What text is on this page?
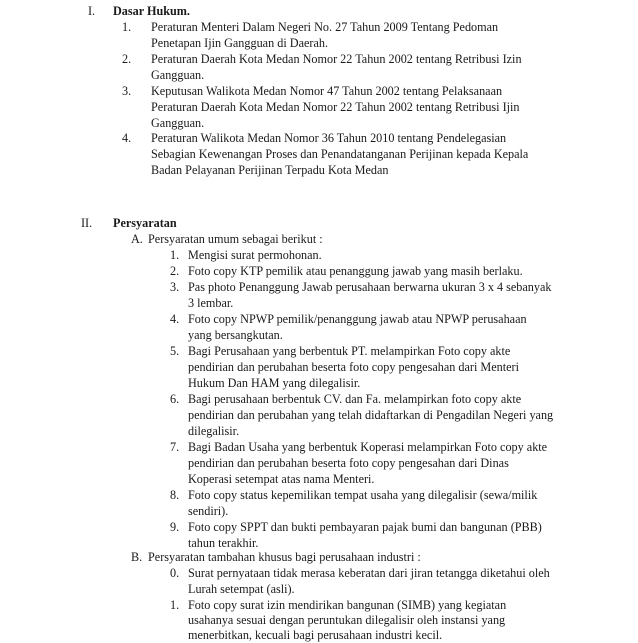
I. Dasar Hukum.
1. Peraturan Menteri Dalam Negeri No. 27 Tahun 2009 Tentang Pedoman
Penetapan Ijin Gangguan di Daerah.
2. Peraturan Daerah Kota Medan Nomor 22 Tahun 2002 tentang Retribusi Izin
Gangguan.
3. Keputusan Walikota Medan Nomor 47 Tahun 2002 tentang Pelaksanaan
Peraturan Daerah Kota Medan Nomor 22 Tahun 2002 tentang Retribusi Ijin
Gangguan.
4. Peraturan Walikota Medan Nomor 36 Tahun 2010 tentang Pendelegasian
Sebagian Kewenangan Proses dan Penandatanganan Perijinan kepada Kepala
Badan Pelayanan Perijinan Terpadu Kota Medan
II. Persyaratan
A. Persyaratan umum sebagai berikut :
1. Mengisi surat permohonan.
2. Foto copy KTP pemilik atau penanggung jawab yang masih berlaku.
3. Pas photo Penanggung Jawab perusahaan berwarna ukuran 3 x 4 sebanyak
3 lembar.
4. Foto copy NPWP pemilik/penanggung jawab atau NPWP perusahaan
yang bersangkutan.
5. Bagi Perusahaan yang berbentuk PT. melampirkan Foto copy akte
pendirian dan perubahan beserta foto copy pengesahan dari Menteri
Hukum Dan HAM yang dilegalisir.
6. Bagi perusahaan berbentuk CV. dan Fa. melampirkan foto copy akte
pendirian dan perubahan yang telah didaftarkan di Pengadilan Negeri yang
dilegalisir.
7. Bagi Badan Usaha yang berbentuk Koperasi melampirkan Foto copy akte
pendirian dan perubahan beserta foto copy pengesahan dari Dinas
Koperasi setempat atas nama Menteri.
8. Foto copy status kepemilikan tempat usaha yang dilegalisir (sewa/milik
sendiri).
9. Foto copy SPPT dan bukti pembayaran pajak bumi dan bangunan (PBB)
tahun terakhir.
B. Persyaratan tambahan khusus bagi perusahaan industri :
0. Surat pernyataan tidak merasa keberatan dari jiran tetangga diketahui oleh
Lurah setempat (asli).
1. Foto copy surat izin mendirikan bangunan (SIMB) yang kegiatan
usahanya sesuai dengan peruntukan dilegalisir oleh instansi yang
menerbitkan, kecuali bagi perusahaan industri kecil.
